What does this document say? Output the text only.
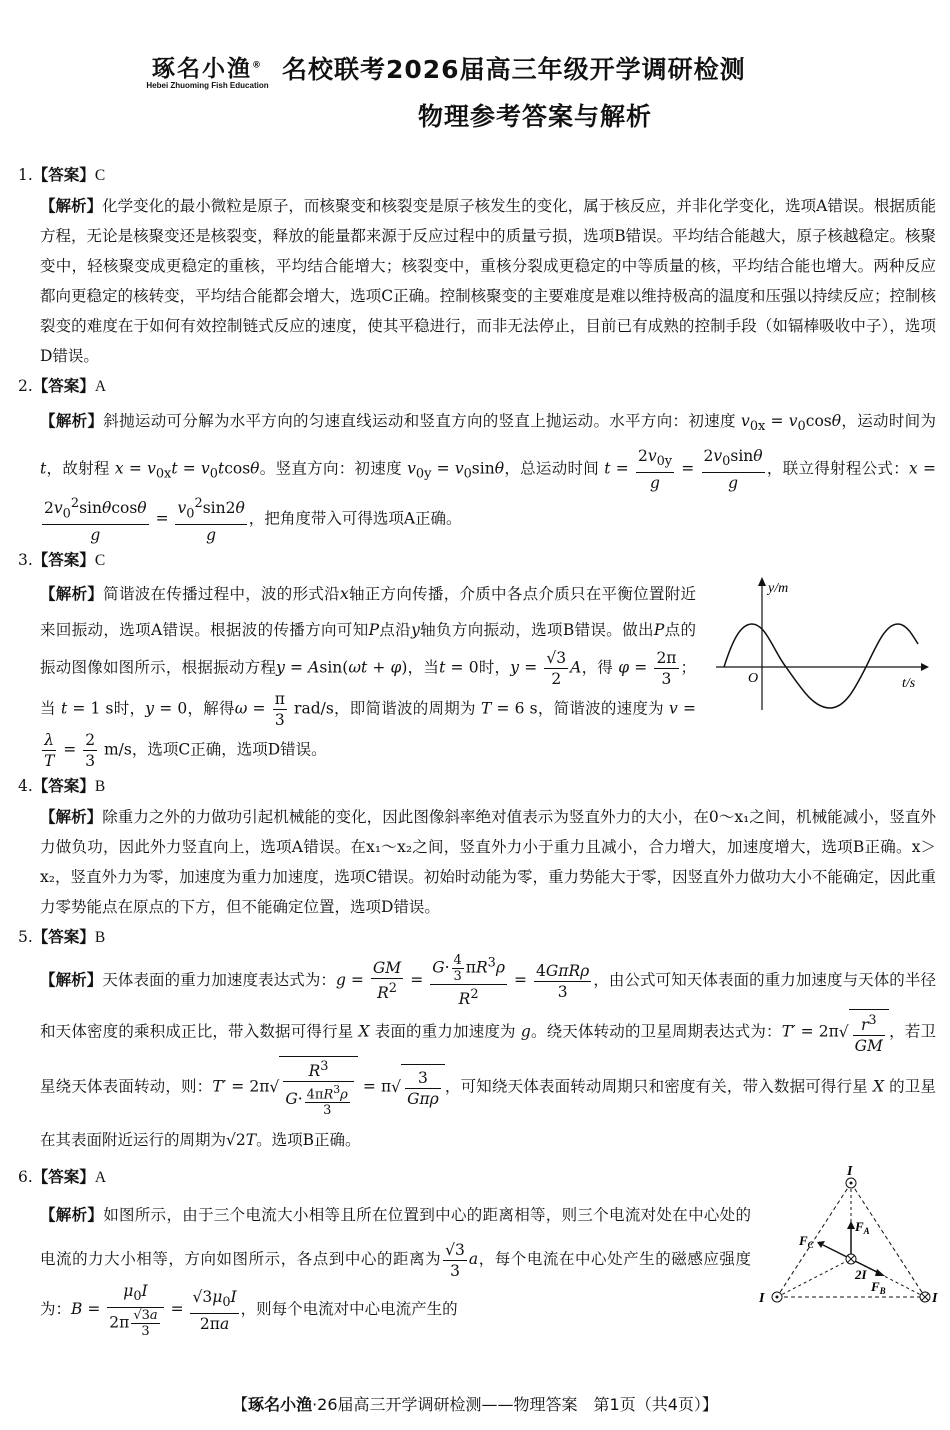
琢名小渔®
Hebei Zhuoming Fish Education
名校联考2026届高三年级开学调研检测
物理参考答案与解析
1.【答案】C
【解析】化学变化的最小微粒是原子，而核聚变和核裂变是原子核发生的变化，属于核反应，并非化学变化，选项A错误。根据质能方程，无论是核聚变还是核裂变，释放的能量都来源于反应过程中的质量亏损，选项B错误。平均结合能越大，原子核越稳定。核聚变中，轻核聚变成更稳定的重核，平均结合能增大；核裂变中，重核分裂成更稳定的中等质量的核，平均结合能也增大。两种反应都向更稳定的核转变，平均结合能都会增大，选项C正确。控制核聚变的主要难度是难以维持极高的温度和压强以持续反应；控制核裂变的难度在于如何有效控制链式反应的速度，使其平稳进行，而非无法停止，目前已有成熟的控制手段（如镉棒吸收中子），选项D错误。
2.【答案】A
【解析】斜抛运动可分解为水平方向的匀速直线运动和竖直方向的竖直上抛运动。水平方向：初速度 $v_{0x} = v_0\cos\theta$，运动时间为 t，故射程 $x = v_{0x}t = v_0tcos\theta$。竖直方向：初速度 $v_{0y} = v_0\sin\theta$，总运动时间 $t = \frac{2v_{0y}}{g} = \frac{2v_0\sin\theta}{g}$ ，联立得射程公式：x =
$\frac{2v_0^2\sin\theta\cos\theta}{g} = \frac{v_0^2\sin 2\theta}{g}$ ，把角度带入可得选项A正确。
3.【答案】C
y/m
t/s
O
【解析】简谐波在传播过程中，波的形式沿x轴正方向传播，介质中各点介质只在平衡位置附近来回振动，选项A错误。根据波的传播方向可知P点沿y轴负方向振动，选项B错误。做出P点的振动图像如图所示，根据振动方程y = Asin(ωt + φ)，当t = 0时，$y = \frac{√3}{2}$ A，得 $\varphi = \frac{2\pi}{3}$ ；当 t = 1 s时，y = 0，解得$\omega = \frac{\pi}{3} rad/s$，即简谐波的周期为 T = 6 s，简谐波的速度为 v =
$\frac{\lambda}{T} = \frac{2}{3} m/s$，选项C正确，选项D错误。
4.【答案】B
【解析】除重力之外的力做功引起机械能的变化，因此图像斜率绝对值表示为竖直外力的大小，在0～x₁之间，机械能减小，竖直外力做负功，因此外力竖直向上，选项A错误。在x₁～x₂之间，竖直外力小于重力且减小，合力增大，加速度增大，选项B正确。x＞x₂，竖直外力为零，加速度为重力加速度，选项C错误。初始时动能为零，重力势能大于零，因竖直外力做功大小不能确定，因此重力零势能点在原点的下方，但不能确定位置，选项D错误。
5.【答案】B
【解析】天体表面的重力加速度表达式为：$g = \frac{GM}{R^2} = \frac{G\cdot \frac{4}{3} \pi R^3\rho}{R^2} = \frac{\text{4GπRρ}}{3}$ ，由公式可知天体表面的重力加速度与天体的半径和天体密度的乘积成正比，带入数据可得行星 X 表面的重力加速度为 g。绕天体转动的卫星周期表达式为：$T' = 2\pi√ \frac{r^3}{GM}$ ，若卫星绕天体表面转动，则：$T' = 2\pi√ \frac{R^3}{G\cdot \frac{4\pi R^3\rho}{3}} = \pi√ \frac{3}{\text{Gπρ}}$ ，可知绕天体表面转动周期只和密度有关，带入数据可得行星 X 的卫星在其表面附近运行的周期为√2T。选项B正确。
6.【答案】A	I
I	I
2I
$F_A$
$F_B$
$F_C$
【解析】如图所示，由于三个电流大小相等且所在位置到中心的距离相等，则三个电流对处在中心处的电流的力大小相等，方向如图所示，各点到中心的距离为 $\frac{√3}{3}$ a，每个电流在中心处产生的磁感应强度为：$B = \frac{\mu_0I}{2\pi \frac{√3a}{3}} = \frac{√3\mu_0I}{2\pi a}$ ，则每个电流对中心电流产生的
【琢名小渔·26届高三开学调研检测——物理答案　第1页（共4页）】
